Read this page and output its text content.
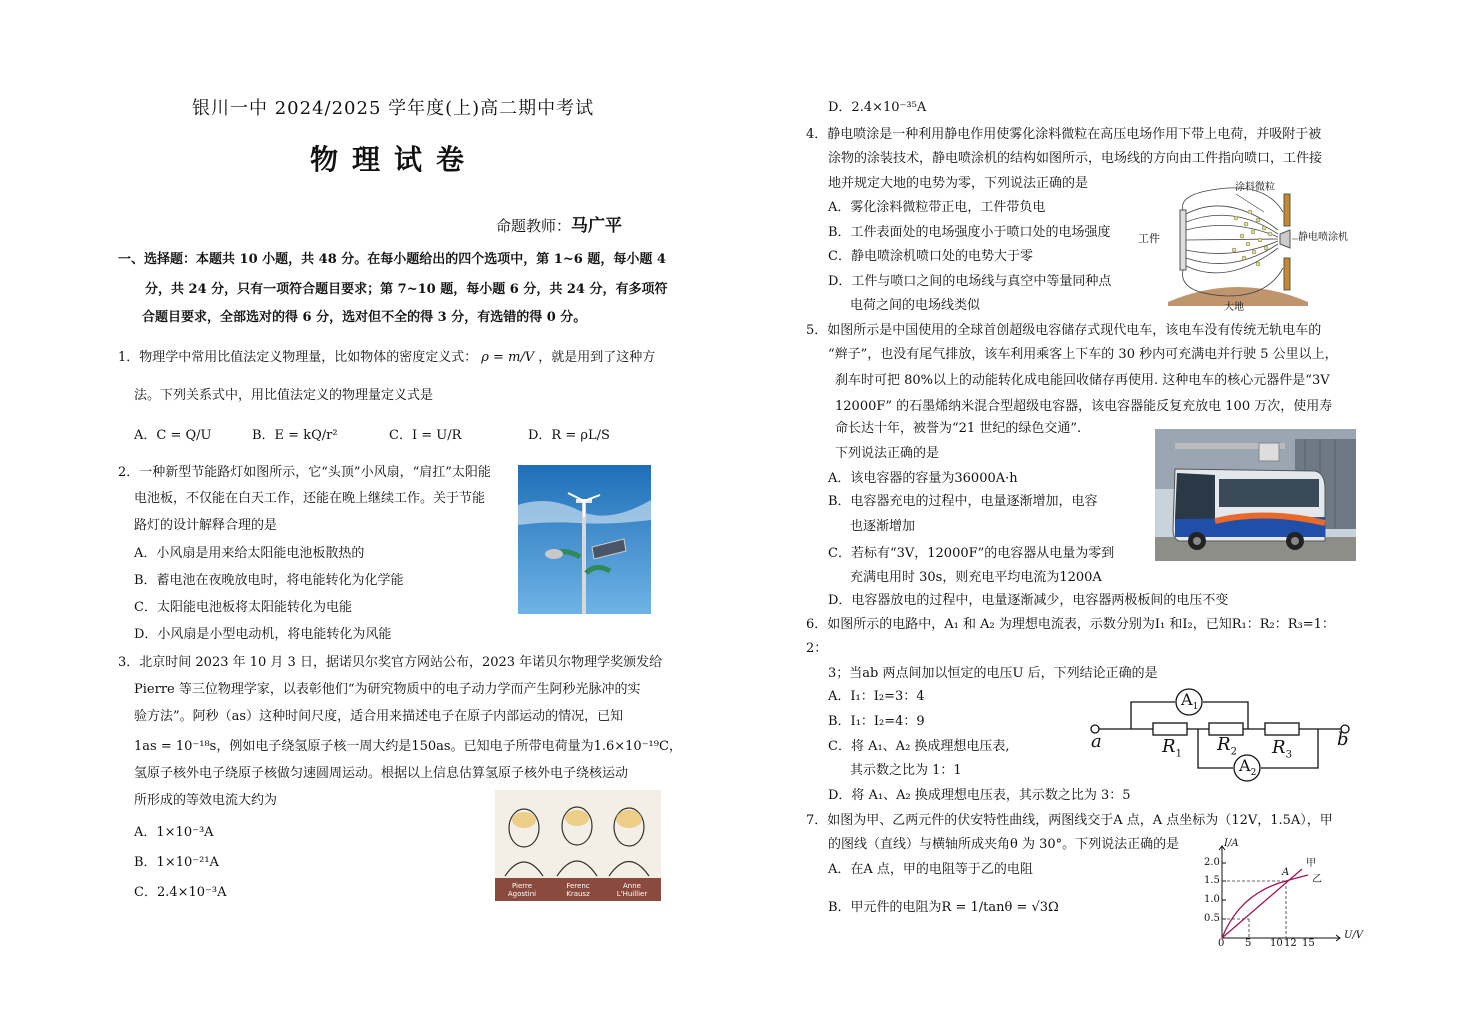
银川一中 2024/2025 学年度(上)高二期中考试
物理试卷
命题教师：马广平
一、选择题：本题共 10 小题，共 48 分。在每小题给出的四个选项中，第 1~6 题，每小题 4
分，共 24 分，只有一项符合题目要求；第 7~10 题，每小题 6 分，共 24 分，有多项符
合题目要求，全部选对的得 6 分，选对但不全的得 3 分，有选错的得 0 分。
1．物理学中常用比值法定义物理量，比如物体的密度定义式： ρ = m/V ，就是用到了这种方
法。下列关系式中，用比值法定义的物理量定义式是
A．C = Q/U	B．E = kQ/r²	C．I = U/R	D．R = ρL/S
2．一种新型节能路灯如图所示，它“头顶”小风扇，“肩扛”太阳能
电池板，不仅能在白天工作，还能在晚上继续工作。关于节能
路灯的设计解释合理的是
A．小风扇是用来给太阳能电池板散热的
B．蓄电池在夜晚放电时，将电能转化为化学能
C．太阳能电池板将太阳能转化为电能
D．小风扇是小型电动机，将电能转化为风能
3．北京时间 2023 年 10 月 3 日，据诺贝尔奖官方网站公布，2023 年诺贝尔物理学奖颁发给
Pierre 等三位物理学家，以表彰他们“为研究物质中的电子动力学而产生阿秒光脉冲的实
验方法”。阿秒（as）这种时间尺度，适合用来描述电子在原子内部运动的情况，已知
1as = 10⁻¹⁸s，例如电子绕氢原子核一周大约是150as。已知电子所带电荷量为1.6×10⁻¹⁹C，
氢原子核外电子绕原子核做匀速圆周运动。根据以上信息估算氢原子核外电子绕核运动
所形成的等效电流大约为
A．1×10⁻³A
B．1×10⁻²¹A
C．2.4×10⁻³A	Pierre Agostini
Ferenc Krausz
Anne L'Huillier
D．2.4×10⁻³⁵A
4．静电喷涂是一种利用静电作用使雾化涂料微粒在高压电场作用下带上电荷，并吸附于被
涂物的涂装技术，静电喷涂机的结构如图所示，电场线的方向由工件指向喷口，工件接
地并规定大地的电势为零，下列说法正确的是
A．雾化涂料微粒带正电，工件带负电
B．工件表面处的电场强度小于喷口处的电场强度
C．静电喷涂机喷口处的电势大于零
D．工件与喷口之间的电场线与真空中等量同种点
电荷之间的电场线类似
工件
涂料微粒
静电喷涂机
大地
5．如图所示是中国使用的全球首创超级电容储存式现代电车，该电车没有传统无轨电车的
“辫子”，也没有尾气排放，该车利用乘客上下车的 30 秒内可充满电并行驶 5 公里以上，
刹车时可把 80%以上的动能转化成电能回收储存再使用. 这种电车的核心元器件是“3V
12000F” 的石墨烯纳米混合型超级电容器，该电容器能反复充放电 100 万次，使用寿
命长达十年，被誉为“21 世纪的绿色交通”.
下列说法正确的是
A．该电容器的容量为36000A·h
B．电容器充电的过程中，电量逐渐增加，电容
也逐渐增加
C．若标有“3V，12000F”的电容器从电量为零到
充满电用时 30s，则充电平均电流为1200A
D．电容器放电的过程中，电量逐渐减少，电容器两极板间的电压不变
6．如图所示的电路中，A₁ 和 A₂ 为理想电流表，示数分别为I₁ 和I₂，已知R₁：R₂：R₃=1：
2：
3；当ab 两点间加以恒定的电压U 后，下列结论正确的是
A．I₁：I₂=3：4
B．I₁：I₂=4：9
C．将 A₁、A₂ 换成理想电压表,
其示数之比为 1：1
D．将 A₁、A₂ 换成理想电压表，其示数之比为 3：5
a	b
$R_1$ $R_2$ $R_3$
$A_1$
$A_2$
7．如图为甲、乙两元件的伏安特性曲线，两图线交于A 点，A 点坐标为（12V，1.5A），甲
的图线（直线）与横轴所成夹角θ 为 30°。下列说法正确的是
A．在A 点，甲的电阻等于乙的电阻
B．甲元件的电阻为R = 1/tanθ = √3Ω
I/A
U/V
2.0
1.5
1.0
0.5
0 5 10 12 15
A
甲
乙
